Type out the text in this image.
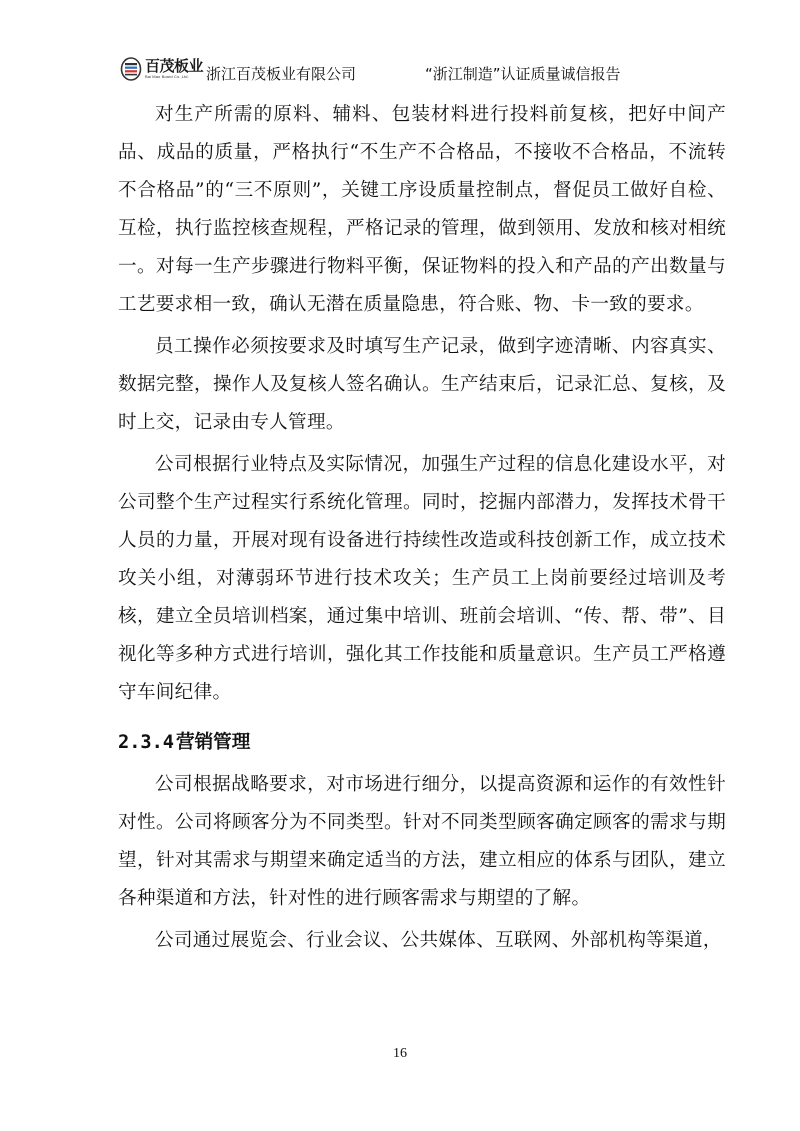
百茂板业
Bai Mao Board Co.,Ltd.	浙江百茂板业有限公司	“浙江制造”认证质量诚信报告

对生产所需的原料、辅料、包装材料进行投料前复核，把好中间产品、成品的质量，严格执行“不生产不合格品，不接收不合格品，不流转不合格品”的“三不原则”，关键工序设质量控制点，督促员工做好自检、互检，执行监控核查规程，严格记录的管理，做到领用、发放和核对相统一。对每一生产步骤进行物料平衡，保证物料的投入和产品的产出数量与工艺要求相一致，确认无潜在质量隐患，符合账、物、卡一致的要求。

员工操作必须按要求及时填写生产记录，做到字迹清晰、内容真实、数据完整，操作人及复核人签名确认。生产结束后，记录汇总、复核，及时上交，记录由专人管理。

公司根据行业特点及实际情况，加强生产过程的信息化建设水平，对公司整个生产过程实行系统化管理。同时，挖掘内部潜力，发挥技术骨干人员的力量，开展对现有设备进行持续性改造或科技创新工作，成立技术攻关小组，对薄弱环节进行技术攻关；生产员工上岗前要经过培训及考核，建立全员培训档案，通过集中培训、班前会培训、“传、帮、带”、目视化等多种方式进行培训，强化其工作技能和质量意识。生产员工严格遵守车间纪律。

2.3.4 营销管理

公司根据战略要求，对市场进行细分，以提高资源和运作的有效性针对性。公司将顾客分为不同类型。针对不同类型顾客确定顾客的需求与期望，针对其需求与期望来确定适当的方法，建立相应的体系与团队，建立各种渠道和方法，针对性的进行顾客需求与期望的了解。

公司通过展览会、行业会议、公共媒体、互联网、外部机构等渠道，

16
